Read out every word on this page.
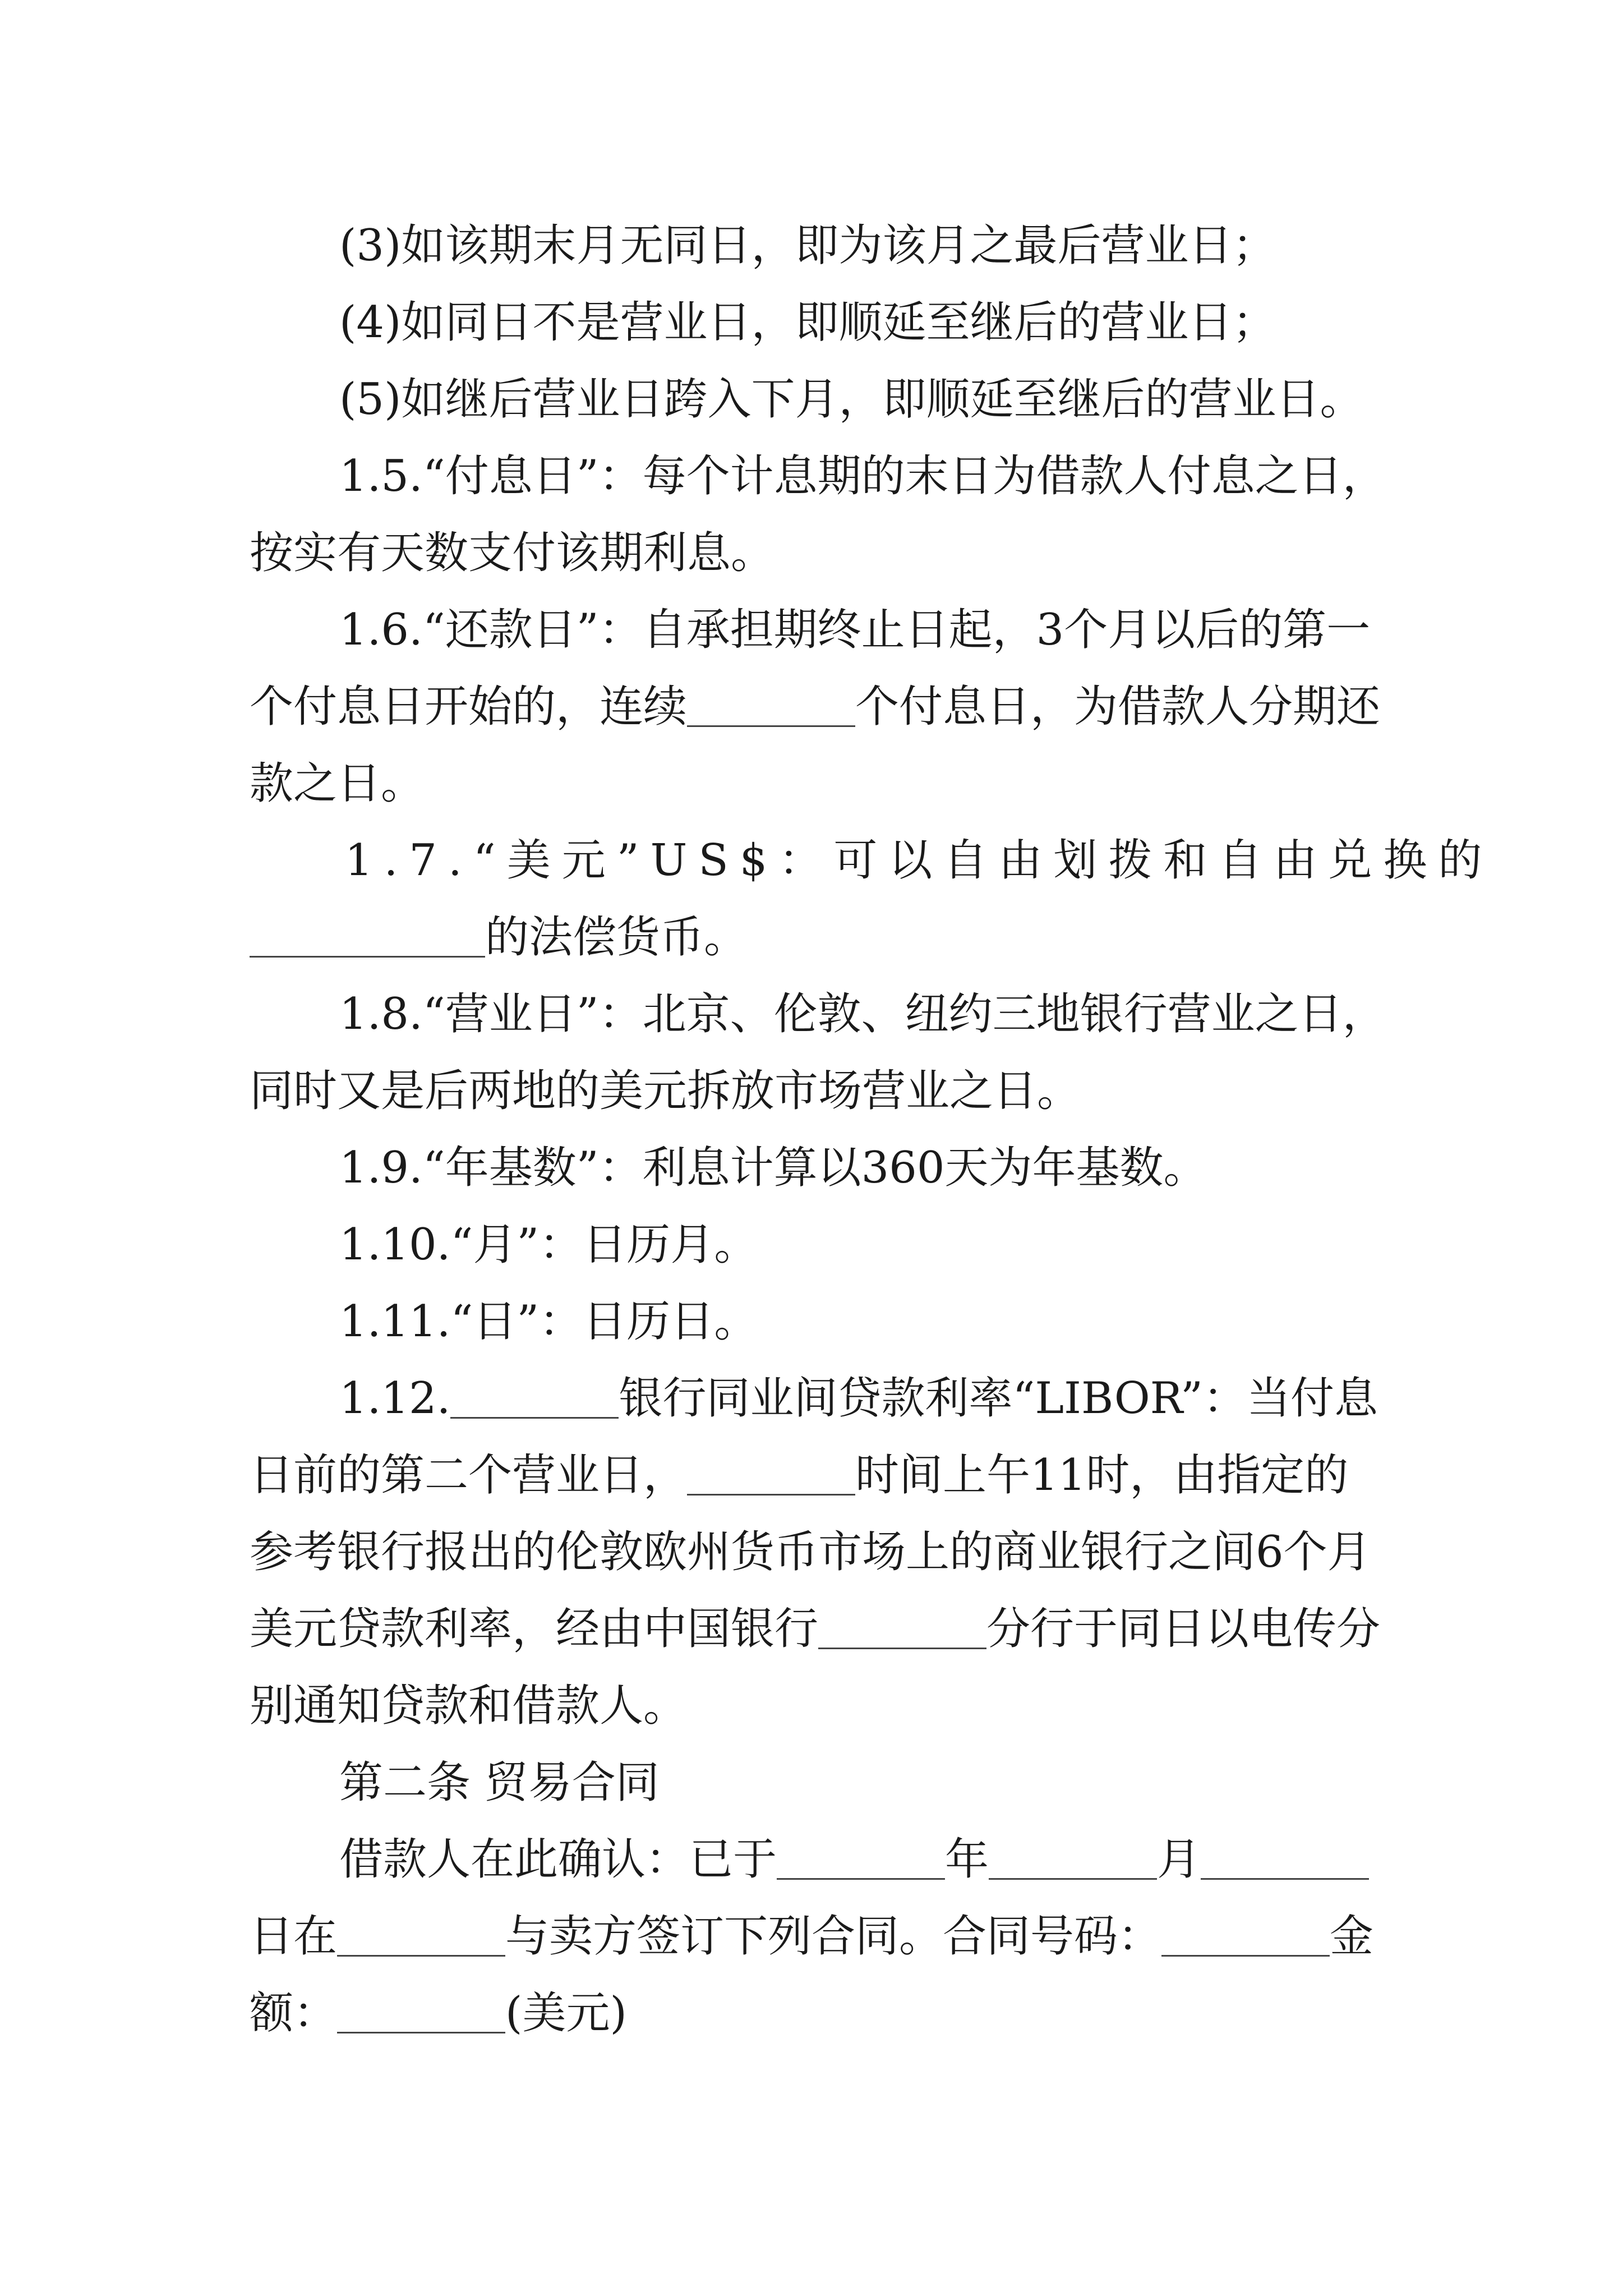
(3)如该期末月无同日，即为该月之最后营业日；
(4)如同日不是营业日，即顺延至继后的营业日；
(5)如继后营业日跨入下月，即顺延至继后的营业日。
1.5.“付息日”：每个计息期的末日为借款人付息之日，
按实有天数支付该期利息。
1.6.“还款日”：自承担期终止日起，3个月以后的第一
个付息日开始的，连续	个付息日，为借款人分期还
款之日。
1.7.“美元”US$：可以自由划拨和自由兑换的
的法偿货币。
1.8.“营业日”：北京、伦敦、纽约三地银行营业之日，
同时又是后两地的美元拆放市场营业之日。
1.9.“年基数”：利息计算以360天为年基数。
1.10.“月”：日历月。
1.11.“日”：日历日。
1.12.	银行同业间贷款利率“LIBOR”：当付息
日前的第二个营业日，	时间上午11时，由指定的
参考银行报出的伦敦欧州货币市场上的商业银行之间6个月
美元贷款利率，经由中国银行	分行于同日以电传分
别通知贷款和借款人。
第二条 贸易合同
借款人在此确认：已于	年	月
日在	与卖方签订下列合同。合同号码：	金
额：	(美元)
